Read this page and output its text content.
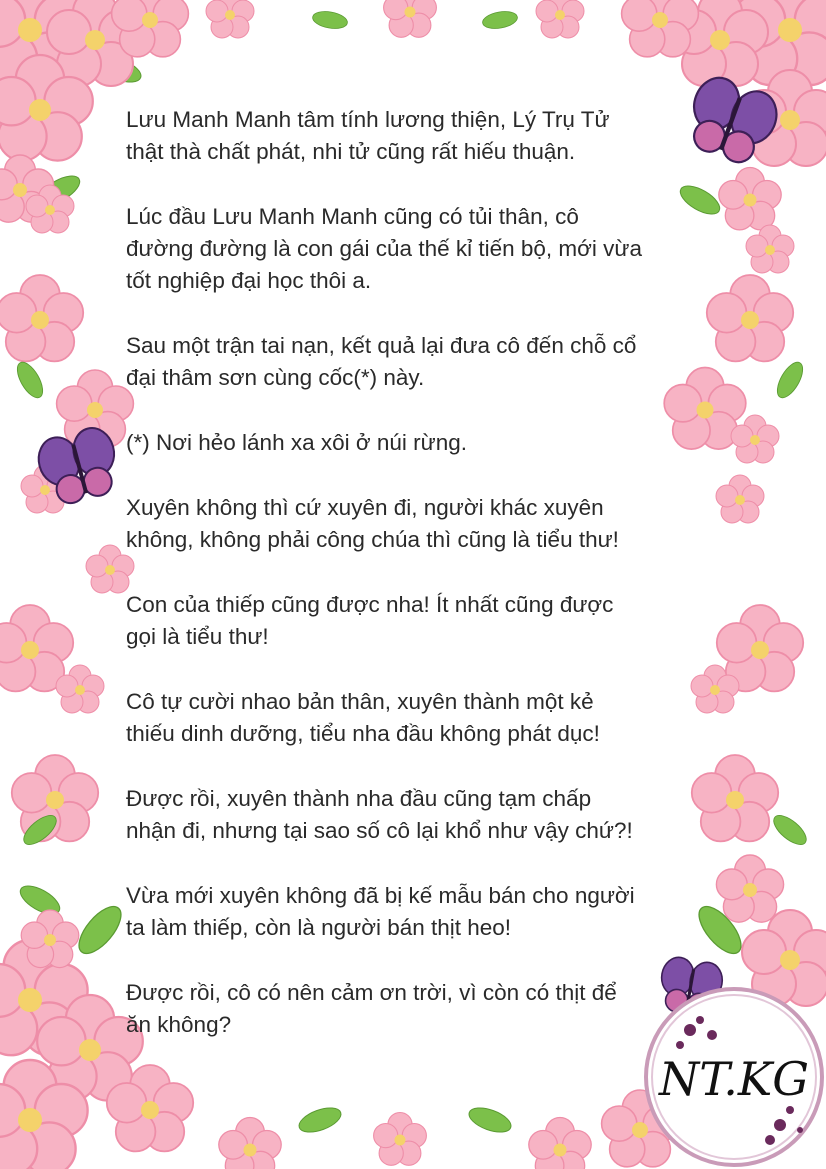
NT.KG

Lưu Manh Manh tâm tính lương thiện, Lý Trụ Tử
thật thà chất phát, nhi tử cũng rất hiếu thuận.

Lúc đầu Lưu Manh Manh cũng có tủi thân, cô
đường đường là con gái của thế kỉ tiến bộ, mới vừa
tốt nghiệp đại học thôi a.

Sau một trận tai nạn, kết quả lại đưa cô đến chỗ cổ
đại thâm sơn cùng cốc(*) này.

(*) Nơi hẻo lánh xa xôi ở núi rừng.

Xuyên không thì cứ xuyên đi, người khác xuyên
không, không phải công chúa thì cũng là tiểu thư!

Con của thiếp cũng được nha! Ít nhất cũng được
gọi là tiểu thư!

Cô tự cười nhao bản thân, xuyên thành một kẻ
thiếu dinh dưỡng, tiểu nha đầu không phát dục!

Được rồi, xuyên thành nha đầu cũng tạm chấp
nhận đi, nhưng tại sao số cô lại khổ như vậy chứ?!

Vừa mới xuyên không đã bị kế mẫu bán cho người
ta làm thiếp, còn là người bán thịt heo!

Được rồi, cô có nên cảm ơn trời, vì còn có thịt để
ăn không?
